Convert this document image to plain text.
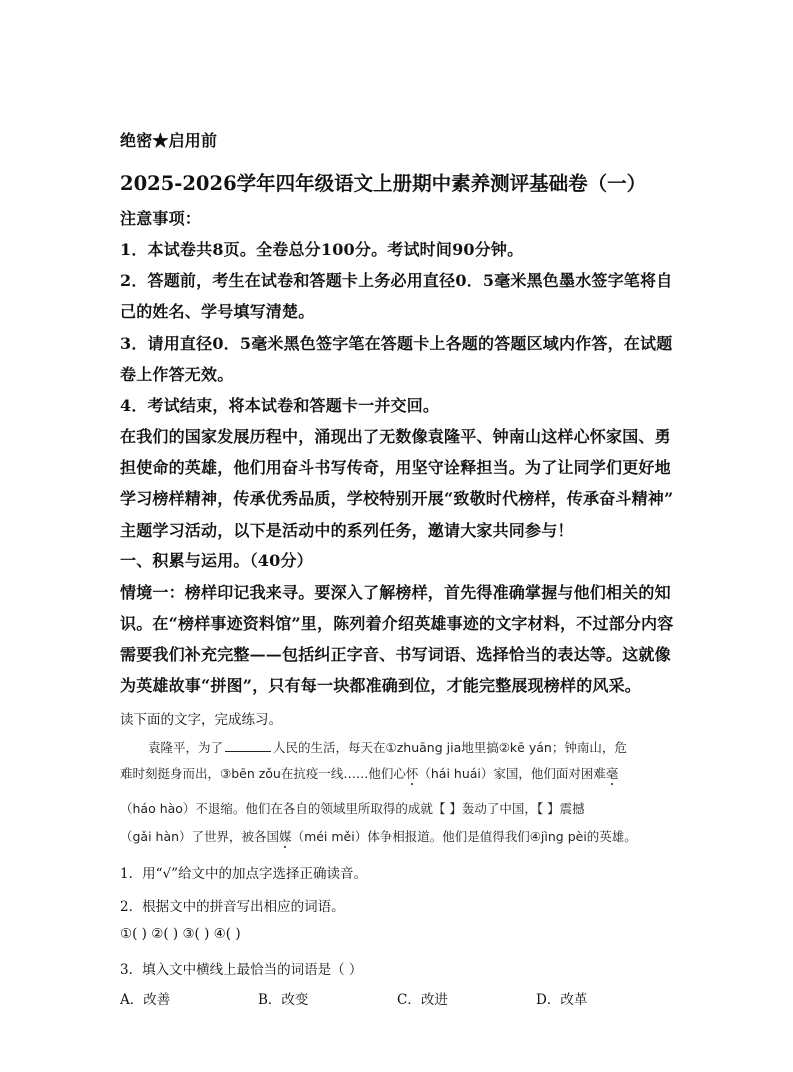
绝密★启用前
2025-2026学年四年级语文上册期中素养测评基础卷（一）
注意事项：
1．本试卷共8页。全卷总分100分。考试时间90分钟。
2．答题前，考生在试卷和答题卡上务必用直径0．5毫米黑色墨水签字笔将自
己的姓名、学号填写清楚。
3．请用直径0．5毫米黑色签字笔在答题卡上各题的答题区域内作答，在试题
卷上作答无效。
4．考试结束，将本试卷和答题卡一并交回。
在我们的国家发展历程中，涌现出了无数像袁隆平、钟南山这样心怀家国、勇
担使命的英雄，他们用奋斗书写传奇，用坚守诠释担当。为了让同学们更好地
学习榜样精神，传承优秀品质，学校特别开展“致敬时代榜样，传承奋斗精神”
主题学习活动，以下是活动中的系列任务，邀请大家共同参与！
一、积累与运用。（40分）
情境一：榜样印记我来寻。要深入了解榜样，首先得准确掌握与他们相关的知
识。在“榜样事迹资料馆”里，陈列着介绍英雄事迹的文字材料，不过部分内容
需要我们补充完整——包括纠正字音、书写词语、选择恰当的表达等。这就像
为英雄故事“拼图”，只有每一块都准确到位，才能完整展现榜样的风采。
读下面的文字，完成练习。
袁隆平，为了	人民的生活，每天在①zhuāng jia地里搞②kē yán；钟南山，危
难时刻挺身而出，③bēn zǒu在抗疫一线……他们心怀（hái huái）家国，他们面对困难毫
（háo hào）不退缩。他们在各自的领域里所取得的成就【 】轰动了中国，【 】震撼
（gǎi hàn）了世界，被各国媒（méi měi）体争相报道。他们是值得我们④jìng pèi的英雄。
1．用“√”给文中的加点字选择正确读音。
2．根据文中的拼音写出相应的词语。
①( ) ②( ) ③( ) ④( )
3．填入文中横线上最恰当的词语是（ ）
A．改善	B．改变	C．改进	D．改革
